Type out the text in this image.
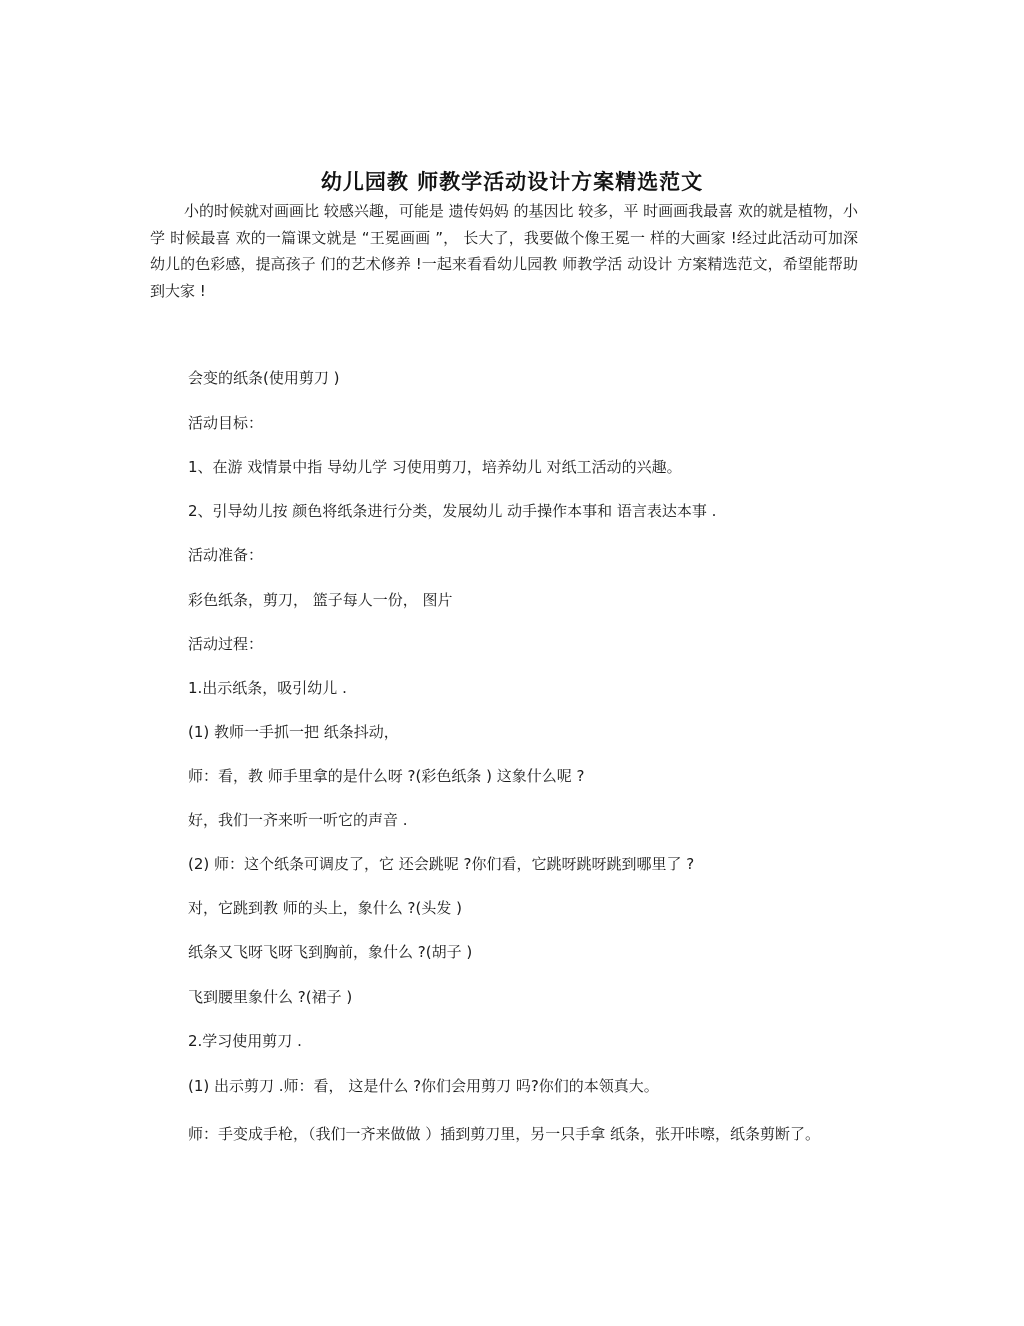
幼儿园教 师教学活动设计方案精选范文

小的时候就对画画比 较感兴趣，可能是 遗传妈妈 的基因比 较多，平 时画画我最喜 欢的就是植物，小学 时候最喜 欢的一篇课文就是 “王冕画画 ”， 长大了，我要做个像王冕一 样的大画家 !经过此活动可加深幼儿的色彩感，提高孩子 们的艺术修养 !一起来看看幼儿园教 师教学活 动设计 方案精选范文，希望能帮助到大家 !

会变的纸条(使用剪刀 )

活动目标：

1、在游 戏情景中指 导幼儿学 习使用剪刀，培养幼儿 对纸工活动的兴趣。

2、引导幼儿按 颜色将纸条进行分类，发展幼儿 动手操作本事和 语言表达本事 .

活动准备：

彩色纸条，剪刀， 篮子每人一份， 图片

活动过程：

1.出示纸条，吸引幼儿 .

(1) 教师一手抓一把 纸条抖动，

师：看，教 师手里拿的是什么呀 ?(彩色纸条 ) 这象什么呢 ?

好，我们一齐来听一听它的声音 .

(2) 师：这个纸条可调皮了，它 还会跳呢 ?你们看，它跳呀跳呀跳到哪里了 ?

对，它跳到教 师的头上，象什么 ?(头发 )

纸条又飞呀飞呀飞到胸前，象什么 ?(胡子 )

飞到腰里象什么 ?(裙子 )

2.学习使用剪刀 .

(1) 出示剪刀 .师：看， 这是什么 ?你们会用剪刀 吗?你们的本领真大。

师：手变成手枪，（我们一齐来做做 ）插到剪刀里，另一只手拿 纸条，张开咔嚓，纸条剪断了。
